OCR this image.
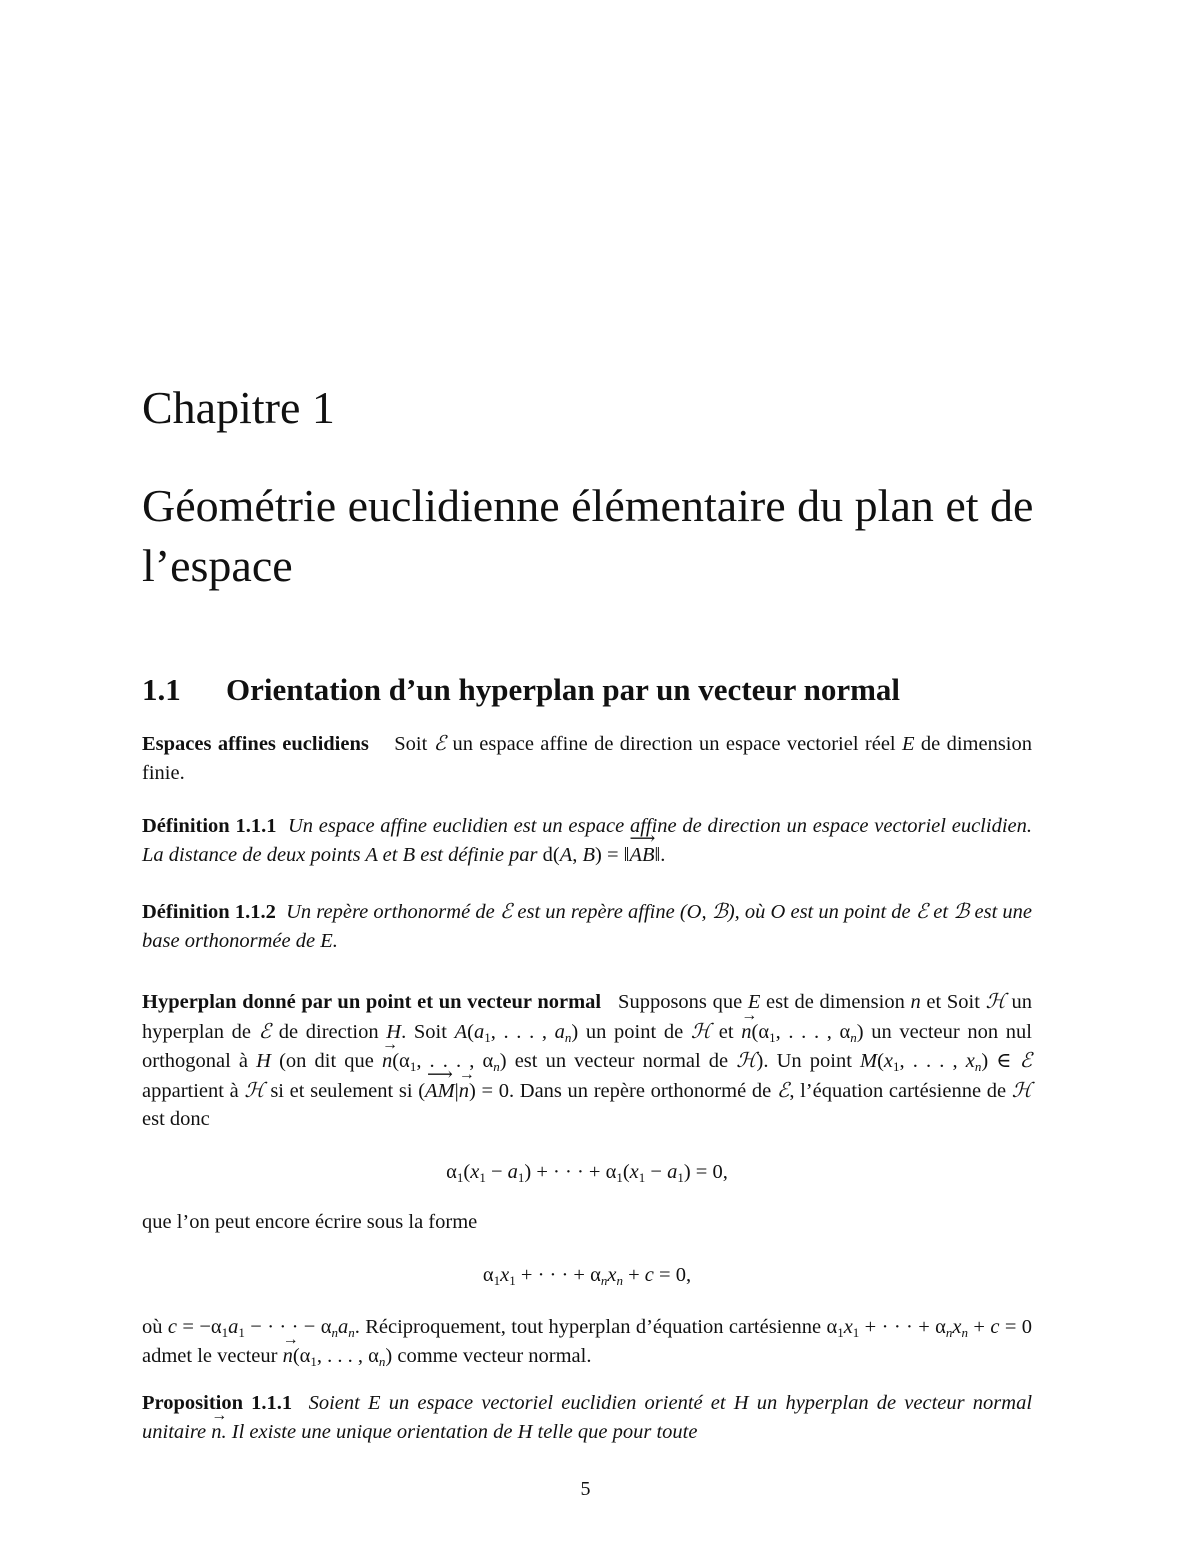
Chapitre 1
Géométrie euclidienne élémentaire du plan et de l’espace
1.1 Orientation d’un hyperplan par un vecteur normal
Espaces affines euclidiens    Soit ℰ un espace affine de direction un espace vectoriel réel E de dimension finie.
Définition 1.1.1 Un espace affine euclidien est un espace affine de direction un espace vectoriel euclidien. La distance de deux points A et B est définie par d(A, B) = ‖⟶ AB‖.
Définition 1.1.2 Un repère orthonormé de ℰ est un repère affine (O, ℬ), où O est un point de ℰ et ℬ est une base orthonormée de E.
Hyperplan donné par un point et un vecteur normal   Supposons que E est de dimension n et Soit ℋ un hyperplan de ℰ de direction H. Soit $A(a_1$, . . . , $a_n$) un point de ℋ et → $n(\alpha_1$, . . . , $\alpha_n$) un vecteur non nul orthogonal à H (on dit que → $n(\alpha_1$, . . . , $\alpha_n$) est un vecteur normal de ℋ). Un point $M(x_1$, . . . , $x_n$) ∈ ℰ appartient à ℋ si et seulement si (⟶ AM|→ n) = 0. Dans un repère orthonormé de ℰ, l’équation cartésienne de ℋ est donc
$\alpha_1(x_1 - a_1)$ + · · · + $\alpha_1(x_1 - a_1) = 0$,
que l’on peut encore écrire sous la forme
$\alpha_1x_1$ + · · · + $\alpha_nx_n + c = 0$,
où $c = -\alpha_1a_1$ − · · · − $\alpha_na_n$. Réciproquement, tout hyperplan d’équation cartésienne $\alpha_1x_1$ + · · · + $\alpha_nx_n + c = 0$ admet le vecteur → $n(\alpha_1$, . . . , $\alpha_n$) comme vecteur normal.
Proposition 1.1.1 Soient E un espace vectoriel euclidien orienté et H un hyperplan de vecteur normal unitaire → n. Il existe une unique orientation de H telle que pour toute
5
